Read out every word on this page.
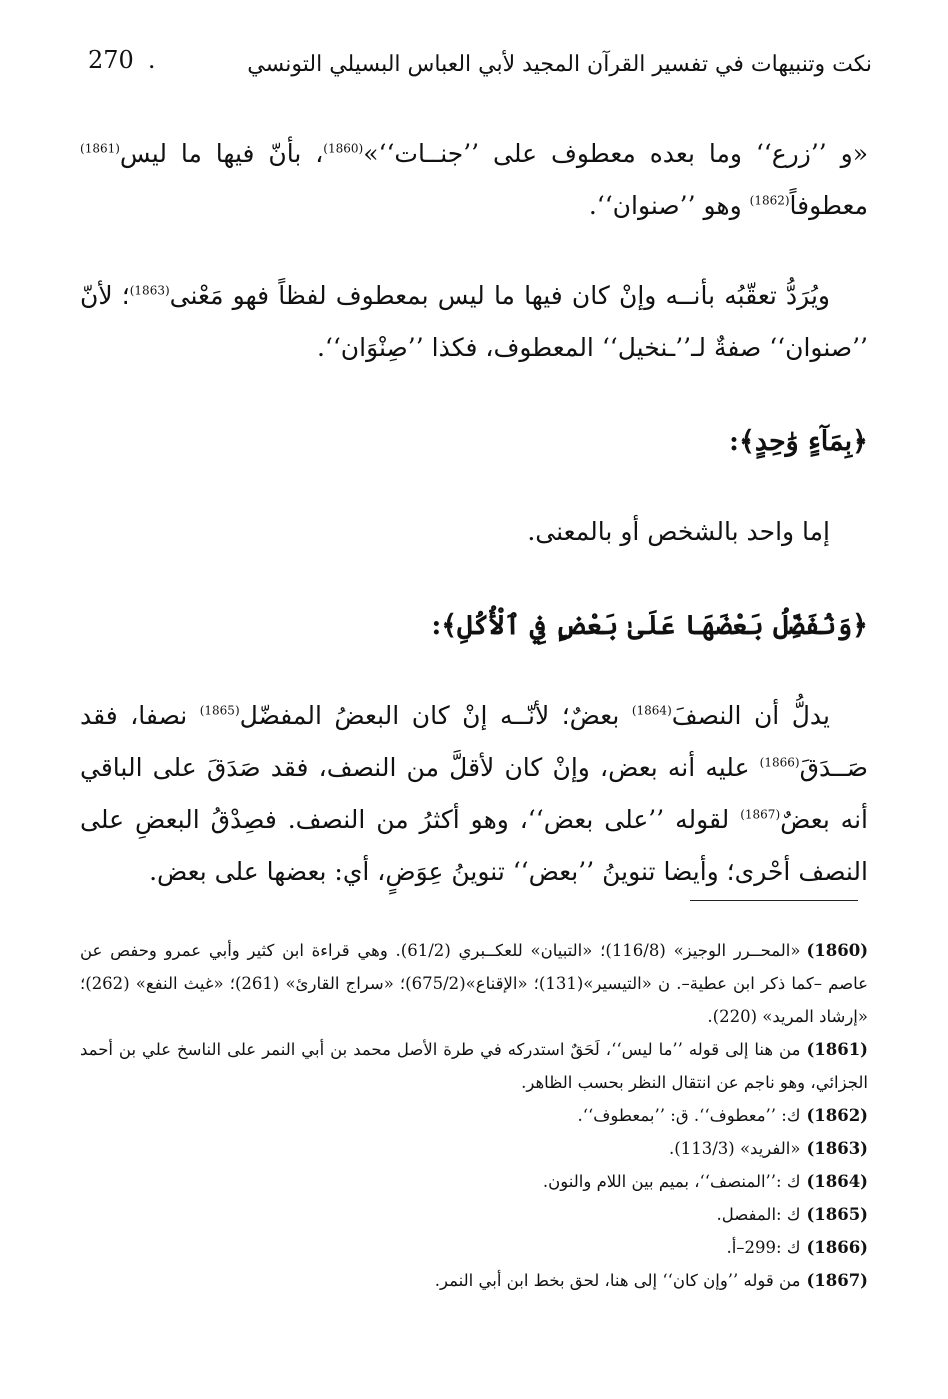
نكت وتنبيهات في تفسير القرآن المجيد لأبي العباس البسيلي التونسي
270 .

«و ’’زرع‘‘ وما بعده معطوف على ’’جنــات‘‘»$^{(1860)}$، بأنّ فيها ما ليس$^{(1861)}$ معطوفاً$^{(1862)}$ وهو ’’صنوان‘‘.

ويُرَدُّ تعقّبُه بأنــه وإنْ كان فيها ما ليس بمعطوف لفظاً فهو مَعْنى$^{(1863)}$؛ لأنّ ’’صنوان‘‘ صفةٌ لـ’’ـنخيل‘‘ المعطوف، فكذا ’’صِنْوَان‘‘.

﴿بِمَآءٍ وَٰحِدٍ﴾:

إما واحد بالشخص أو بالمعنى.

﴿وَنُفَضِّلُ بَعْضَهَا عَلَىٰ بَعْضٍ فِي ٱلْأُكُلِ﴾:

يدلُّ أن النصفَ$^{(1864)}$ بعضٌ؛ لأنّــه إنْ كان البعضُ المفضّل$^{(1865)}$ نصفا، فقد صَــدَقَ$^{(1866)}$ عليه أنه بعض، وإنْ كان لأقلَّ من النصف، فقد صَدَقَ على الباقي أنه بعضٌ$^{(1867)}$ لقوله ’’على بعض‘‘، وهو أكثرُ من النصف. فصِدْقُ البعضِ على النصف أحْرى؛ وأيضا تنوينُ ’’بعض‘‘ تنوينُ عِوَضٍ، أي: بعضها على بعض.

(1860)«المحــرر الوجيز» (116/8)؛ «التبيان» للعكــبري (61/2). وهي قراءة ابن كثير وأبي عمرو وحفص عن عاصم –كما ذكر ابن عطية–. ن «التيسير»(131)؛ «الإقناع»(675/2)؛ «سراج القارئ» (261)؛ «غيث النفع» (262)؛ «إرشاد المريد» (220).

(1861)من هنا إلى قوله ’’ما ليس‘‘، لَحَقٌ استدركه في طرة الأصل محمد بن أبي النمر على الناسخ علي بن أحمد الجزائي، وهو ناجم عن انتقال النظر بحسب الظاهر.

(1862)ك: ’’معطوف‘‘. ق: ’’بمعطوف‘‘.

(1863)«الفريد» (113/3).

(1864)ك :’’المنصف‘‘، بميم بين اللام والنون.

(1865)ك :المفصل.

(1866)ك :299–أ.

(1867)من قوله ’’وإن كان‘‘ إلى هنا، لحق بخط ابن أبي النمر.
